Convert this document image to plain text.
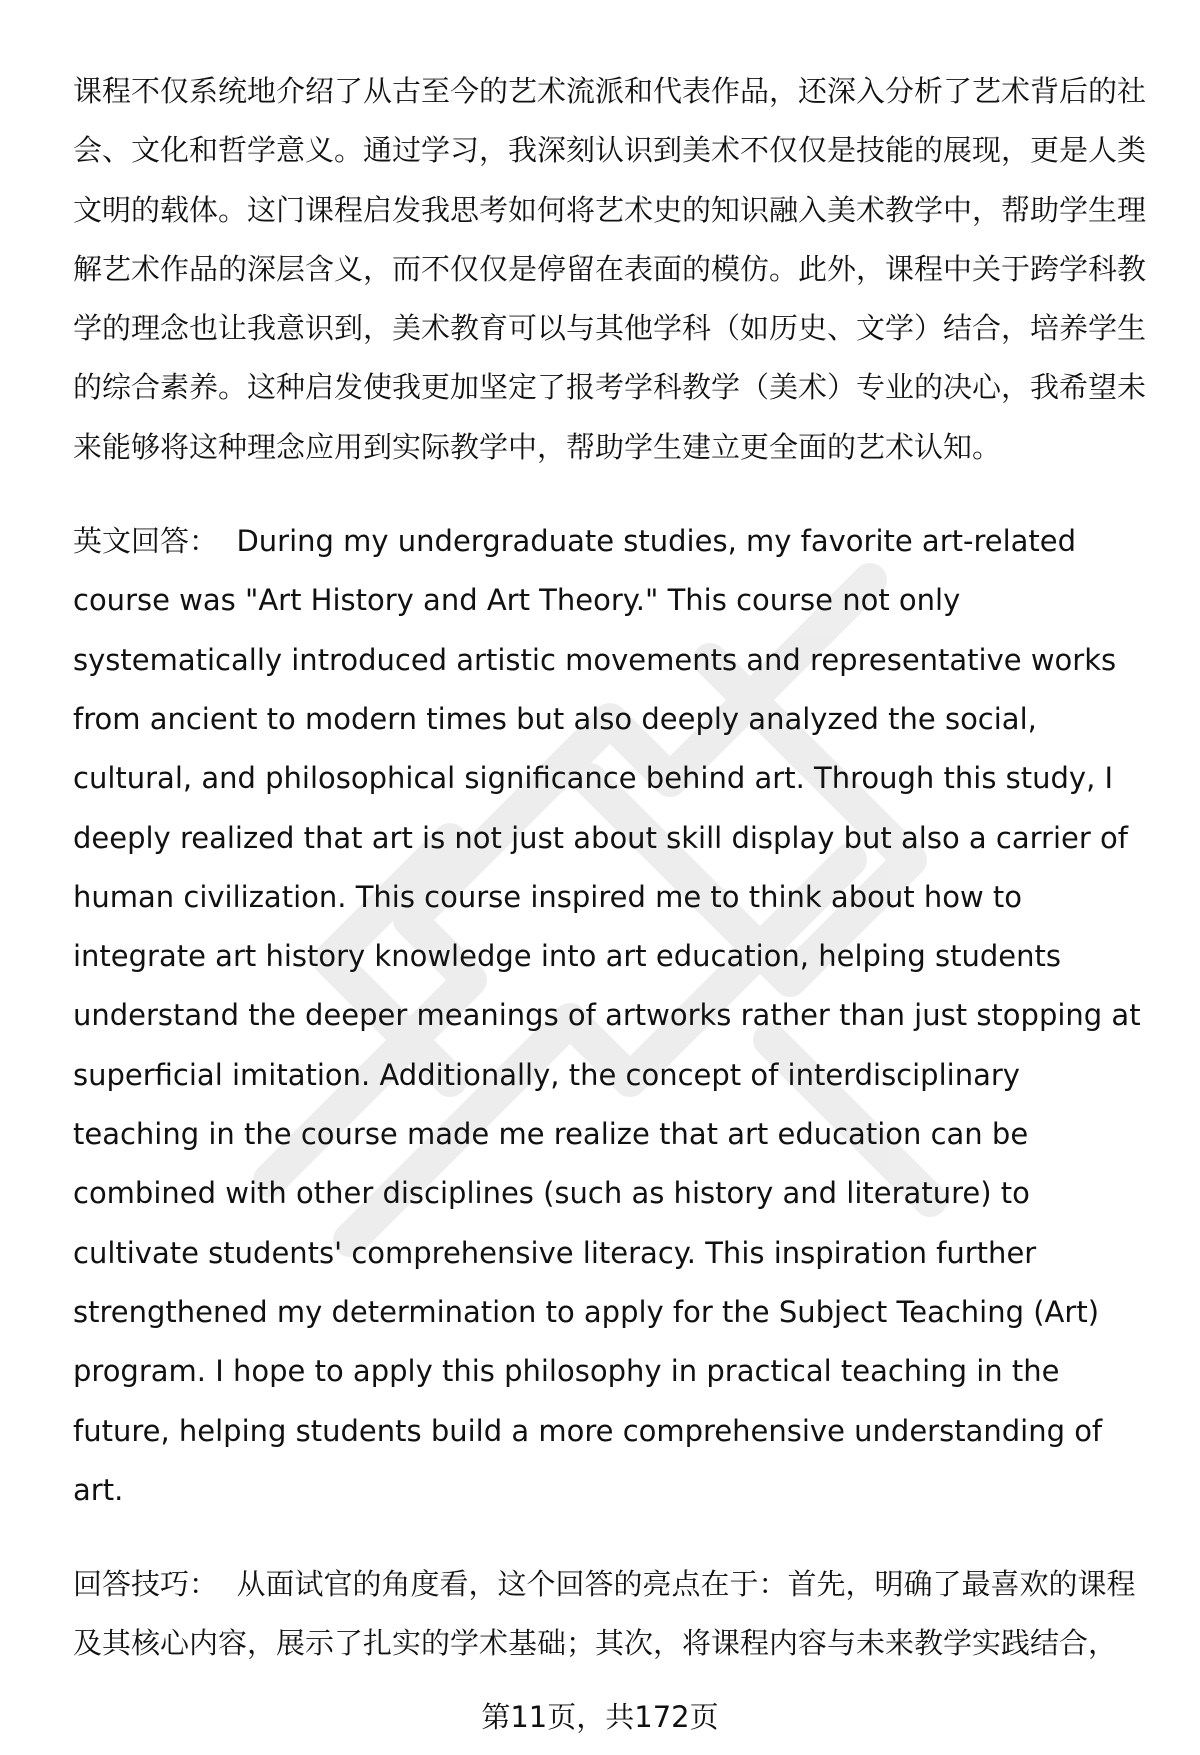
课程不仅系统地介绍了从古至今的艺术流派和代表作品，还深入分析了艺术背后的社会、文化和哲学意义。通过学习，我深刻认识到美术不仅仅是技能的展现，更是人类文明的载体。这门课程启发我思考如何将艺术史的知识融入美术教学中，帮助学生理解艺术作品的深层含义，而不仅仅是停留在表面的模仿。此外，课程中关于跨学科教学的理念也让我意识到，美术教育可以与其他学科（如历史、文学）结合，培养学生的综合素养。这种启发使我更加坚定了报考学科教学（美术）专业的决心，我希望未来能够将这种理念应用到实际教学中，帮助学生建立更全面的艺术认知。

英文回答： During my undergraduate studies, my favorite art-related course was "Art History and Art Theory." This course not only systematically introduced artistic movements and representative works from ancient to modern times but also deeply analyzed the social, cultural, and philosophical significance behind art. Through this study, I deeply realized that art is not just about skill display but also a carrier of human civilization. This course inspired me to think about how to integrate art history knowledge into art education, helping students understand the deeper meanings of artworks rather than just stopping at superficial imitation. Additionally, the concept of interdisciplinary teaching in the course made me realize that art education can be combined with other disciplines (such as history and literature) to cultivate students' comprehensive literacy. This inspiration further strengthened my determination to apply for the Subject Teaching (Art) program. I hope to apply this philosophy in practical teaching in the future, helping students build a more comprehensive understanding of art.

回答技巧： 从面试官的角度看，这个回答的亮点在于：首先，明确了最喜欢的课程及其核心内容，展示了扎实的学术基础；其次，将课程内容与未来教学实践结合，

第11页，共172页
